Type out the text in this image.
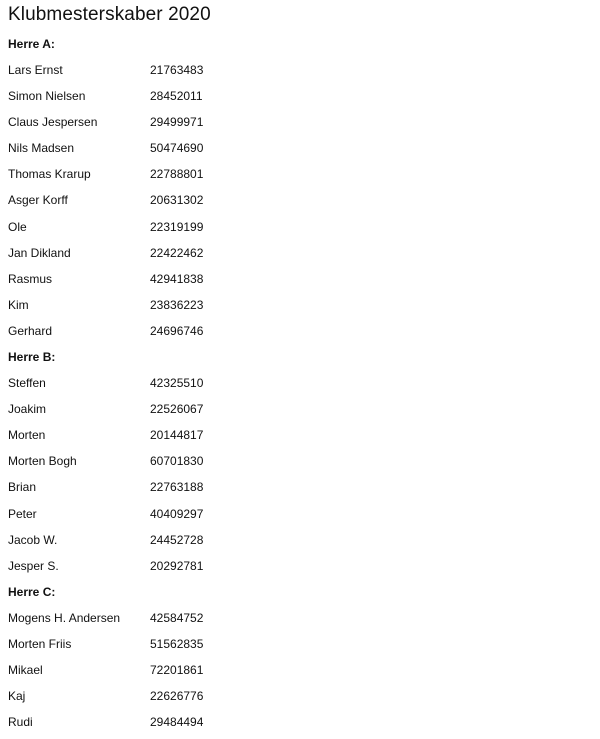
Klubmesterskaber 2020
Herre A:
Lars Ernst	21763483
Simon Nielsen	28452011
Claus Jespersen	29499971
Nils Madsen	50474690
Thomas Krarup	22788801
Asger Korff	20631302
Ole	22319199
Jan Dikland	22422462
Rasmus	42941838
Kim	23836223
Gerhard	24696746
Herre B:
Steffen	42325510
Joakim	22526067
Morten	20144817
Morten Bogh	60701830
Brian	22763188
Peter	40409297
Jacob W.	24452728
Jesper S.	20292781
Herre C:
Mogens H. Andersen	42584752
Morten Friis	51562835
Mikael	72201861
Kaj	22626776
Rudi	29484494
